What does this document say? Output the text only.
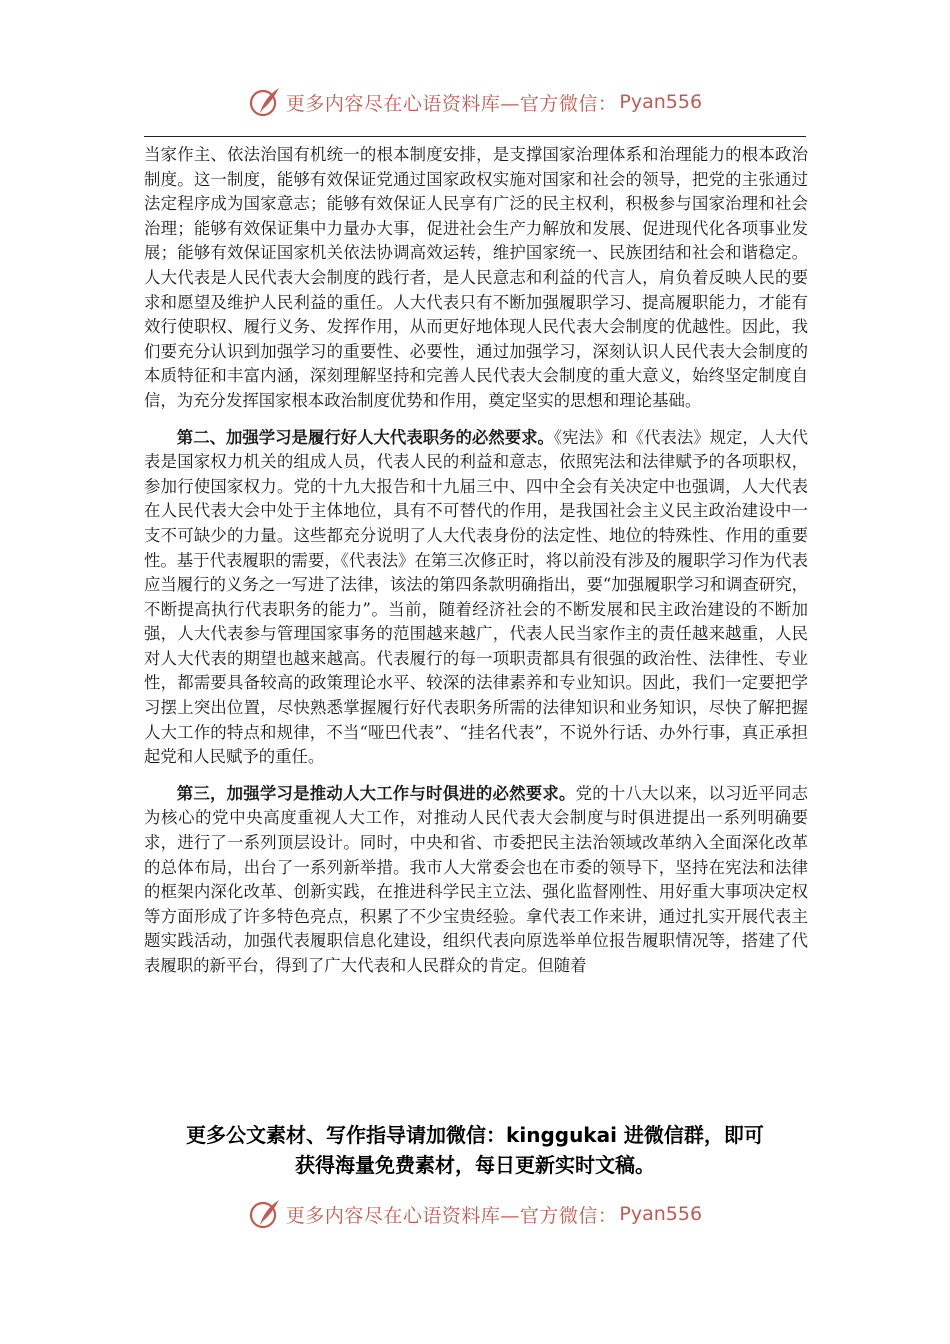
更多内容尽在心语资料库—官方微信： Pyan556

当家作主、依法治国有机统一的根本制度安排，是支撑国家治理体系和治理能力的根本政治制度。这一制度，能够有效保证党通过国家政权实施对国家和社会的领导，把党的主张通过法定程序成为国家意志；能够有效保证人民享有广泛的民主权利，积极参与国家治理和社会治理；能够有效保证集中力量办大事，促进社会生产力解放和发展、促进现代化各项事业发展；能够有效保证国家机关依法协调高效运转，维护国家统一、民族团结和社会和谐稳定。人大代表是人民代表大会制度的践行者，是人民意志和利益的代言人，肩负着反映人民的要求和愿望及维护人民利益的重任。人大代表只有不断加强履职学习、提高履职能力，才能有效行使职权、履行义务、发挥作用，从而更好地体现人民代表大会制度的优越性。因此，我们要充分认识到加强学习的重要性、必要性，通过加强学习，深刻认识人民代表大会制度的本质特征和丰富内涵，深刻理解坚持和完善人民代表大会制度的重大意义，始终坚定制度自信，为充分发挥国家根本政治制度优势和作用，奠定坚实的思想和理论基础。

第二、加强学习是履行好人大代表职务的必然要求。《宪法》和《代表法》规定，人大代表是国家权力机关的组成人员，代表人民的利益和意志，依照宪法和法律赋予的各项职权，参加行使国家权力。党的十九大报告和十九届三中、四中全会有关决定中也强调，人大代表在人民代表大会中处于主体地位，具有不可替代的作用，是我国社会主义民主政治建设中一支不可缺少的力量。这些都充分说明了人大代表身份的法定性、地位的特殊性、作用的重要性。基于代表履职的需要，《代表法》在第三次修正时，将以前没有涉及的履职学习作为代表应当履行的义务之一写进了法律，该法的第四条款明确指出，要“加强履职学习和调查研究，不断提高执行代表职务的能力”。当前，随着经济社会的不断发展和民主政治建设的不断加强，人大代表参与管理国家事务的范围越来越广，代表人民当家作主的责任越来越重，人民对人大代表的期望也越来越高。代表履行的每一项职责都具有很强的政治性、法律性、专业性，都需要具备较高的政策理论水平、较深的法律素养和专业知识。因此，我们一定要把学习摆上突出位置，尽快熟悉掌握履行好代表职务所需的法律知识和业务知识，尽快了解把握人大工作的特点和规律，不当“哑巴代表”、“挂名代表”，不说外行话、办外行事，真正承担起党和人民赋予的重任。

第三，加强学习是推动人大工作与时俱进的必然要求。党的十八大以来，以习近平同志为核心的党中央高度重视人大工作，对推动人民代表大会制度与时俱进提出一系列明确要求，进行了一系列顶层设计。同时，中央和省、市委把民主法治领域改革纳入全面深化改革的总体布局，出台了一系列新举措。我市人大常委会也在市委的领导下，坚持在宪法和法律的框架内深化改革、创新实践，在推进科学民主立法、强化监督刚性、用好重大事项决定权等方面形成了许多特色亮点，积累了不少宝贵经验。拿代表工作来讲，通过扎实开展代表主题实践活动，加强代表履职信息化建设，组织代表向原选举单位报告履职情况等，搭建了代表履职的新平台，得到了广大代表和人民群众的肯定。但随着

更多公文素材、写作指导请加微信：kinggukai 进微信群，即可
获得海量免费素材，每日更新实时文稿。
更多内容尽在心语资料库—官方微信： Pyan556
